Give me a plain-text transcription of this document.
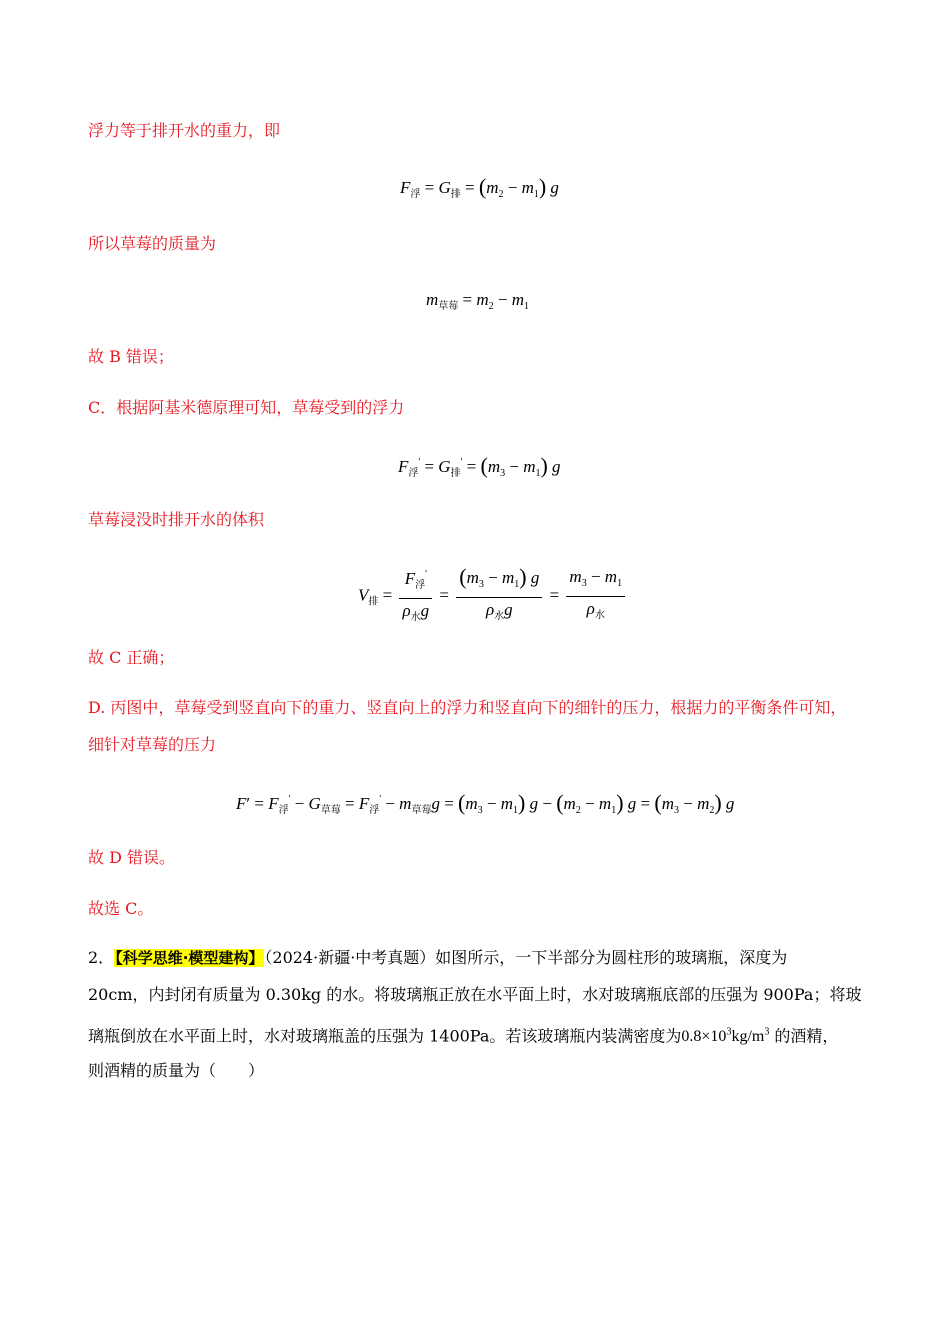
浮力等于排开水的重力，即
$F_浮 = G_排 = (m_2 - m_1)$ g
所以草莓的质量为
$m_{草莓} = m_2 - m_1$
故 B 错误；
C．根据阿基米德原理可知，草莓受到的浮力
$F_浮' = G_排' = (m_3 - m_1)$ g
草莓浸没时排开水的体积
$V_排 = \frac{F_浮'}{\rho_水g} = \frac{(m_3 - m_1) g}{\rho_水g} = \frac{m_3 - m_1}{\rho_水}$
故 C 正确；
D. 丙图中，草莓受到竖直向下的重力、竖直向上的浮力和竖直向下的细针的压力，根据力的平衡条件可知，
细针对草莓的压力
$F' = F_浮' - G_{草莓} = F_浮' - m_{草莓}g = (m_3 - m_1) g - (m_2 - m_1) g = (m_3 - m_2)$ g
故 D 错误。
故选 C。
2．【科学思维·模型建构】（2024·新疆·中考真题）如图所示，一下半部分为圆柱形的玻璃瓶，深度为
20cm，内封闭有质量为 0.30kg 的水。将玻璃瓶正放在水平面上时，水对玻璃瓶底部的压强为 900Pa；将玻
璃瓶倒放在水平面上时，水对玻璃瓶盖的压强为 1400Pa。若该玻璃瓶内装满密度为$0.8\times 10^3kg/m^3$ 的酒精，
则酒精的质量为（　　）
